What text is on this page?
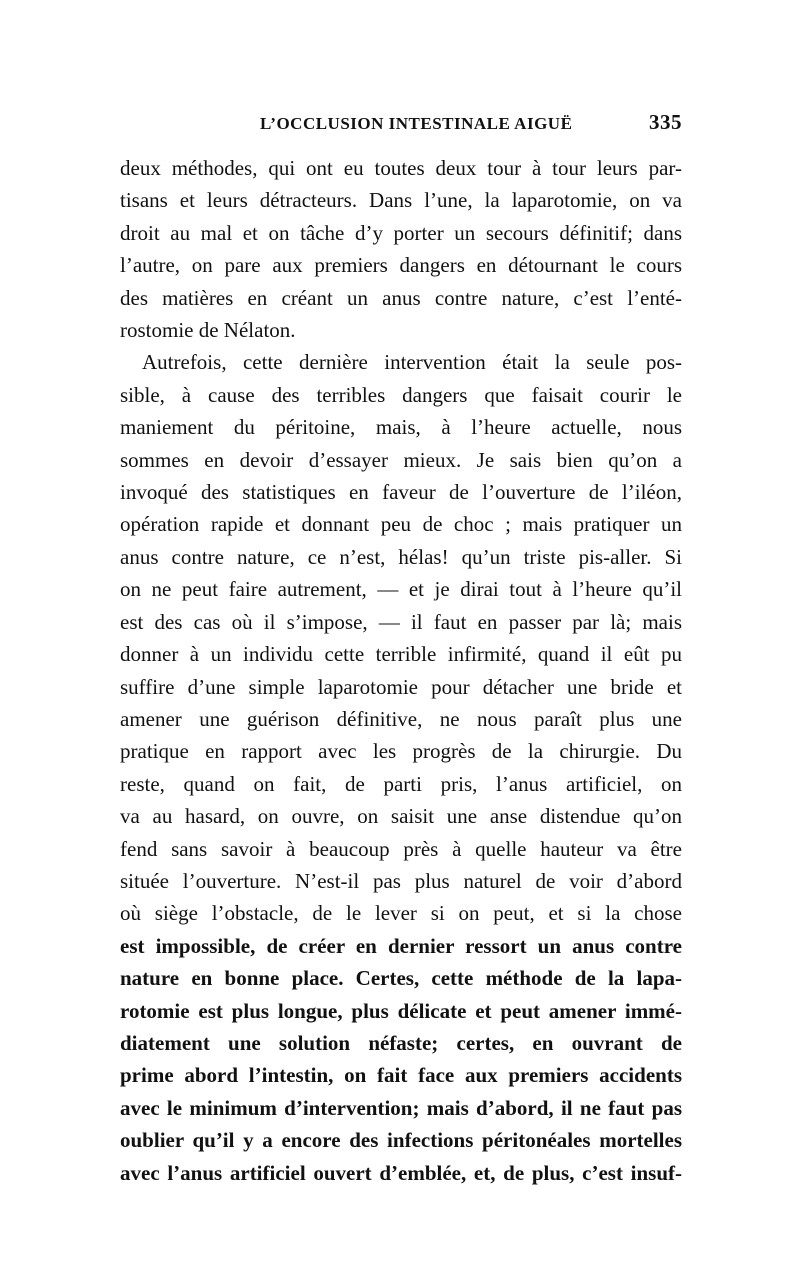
L’OCCLUSION INTESTINALE AIGUË	335
deux méthodes, qui ont eu toutes deux tour à tour leurs par-
tisans et leurs détracteurs. Dans l’une, la laparotomie, on va
droit au mal et on tâche d’y porter un secours définitif; dans
l’autre, on pare aux premiers dangers en détournant le cours
des matières en créant un anus contre nature, c’est l’enté-
rostomie de Nélaton.
Autrefois, cette dernière intervention était la seule pos-
sible, à cause des terribles dangers que faisait courir le
maniement du péritoine, mais, à l’heure actuelle, nous
sommes en devoir d’essayer mieux. Je sais bien qu’on a
invoqué des statistiques en faveur de l’ouverture de l’iléon,
opération rapide et donnant peu de choc ; mais pratiquer un
anus contre nature, ce n’est, hélas! qu’un triste pis-aller. Si
on ne peut faire autrement, — et je dirai tout à l’heure qu’il
est des cas où il s’impose, — il faut en passer par là; mais
donner à un individu cette terrible infirmité, quand il eût pu
suffire d’une simple laparotomie pour détacher une bride et
amener une guérison définitive, ne nous paraît plus une
pratique en rapport avec les progrès de la chirurgie. Du
reste, quand on fait, de parti pris, l’anus artificiel, on
va au hasard, on ouvre, on saisit une anse distendue qu’on
fend sans savoir à beaucoup près à quelle hauteur va être
située l’ouverture. N’est-il pas plus naturel de voir d’abord
où siège l’obstacle, de le lever si on peut, et si la chose
est impossible, de créer en dernier ressort un anus contre
nature en bonne place. Certes, cette méthode de la lapa-
rotomie est plus longue, plus délicate et peut amener immé-
diatement une solution néfaste; certes, en ouvrant de
prime abord l’intestin, on fait face aux premiers accidents
avec le minimum d’intervention; mais d’abord, il ne faut pas
oublier qu’il y a encore des infections péritonéales mortelles
avec l’anus artificiel ouvert d’emblée, et, de plus, c’est insuf-
